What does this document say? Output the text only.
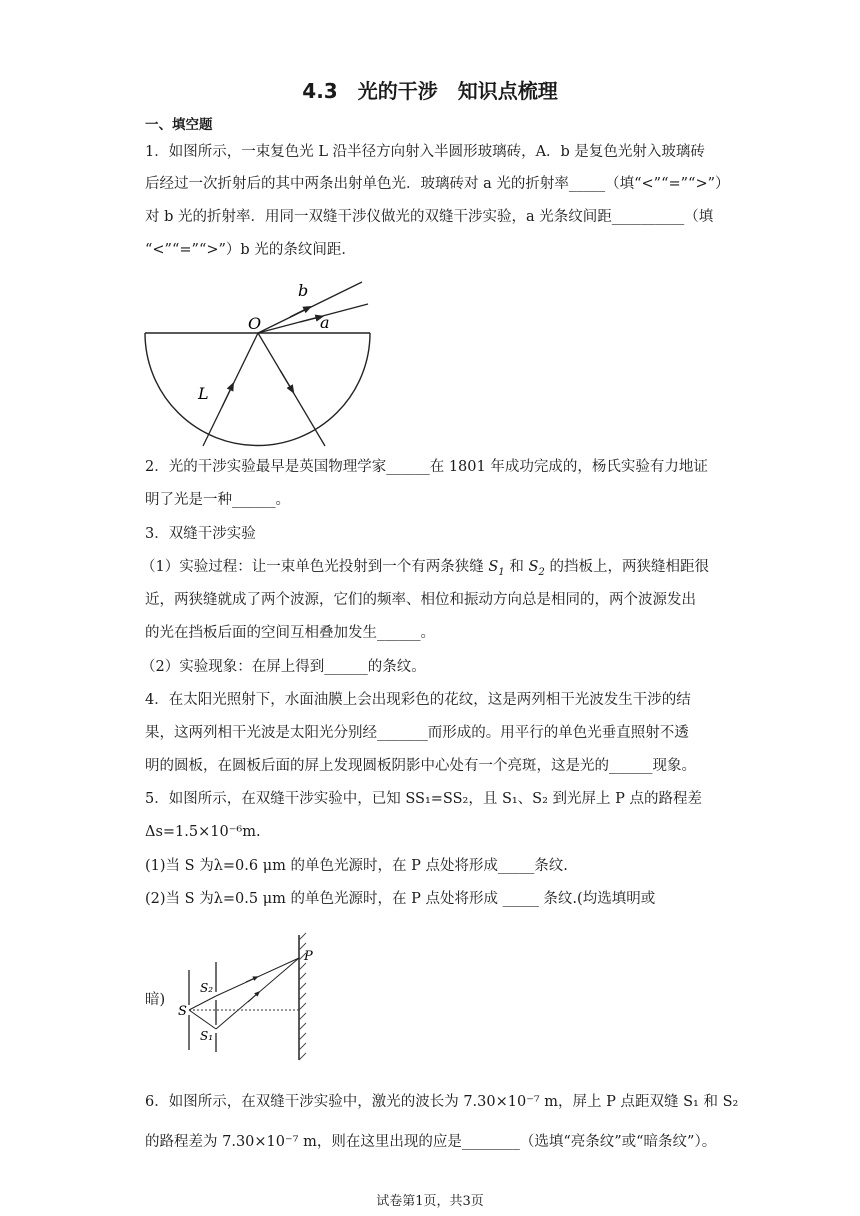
4.3　光的干涉　知识点梳理
一、填空题
1．如图所示，一束复色光 L 沿半径方向射入半圆形玻璃砖，A．b 是复色光射入玻璃砖
后经过一次折射后的其中两条出射单色光．玻璃砖对 a 光的折射率_____（填“<”“=”“>”）
对 b 光的折射率．用同一双缝干涉仪做光的双缝干涉实验，a 光条纹间距__________（填
“<”“=”“>”）b 光的条纹间距．
b
a
O
L
2．光的干涉实验最早是英国物理学家______在 1801 年成功完成的，杨氏实验有力地证
明了光是一种______。
3．双缝干涉实验
（1）实验过程：让一束单色光投射到一个有两条狭缝 $S_1$ 和 $S_2$ 的挡板上，两狭缝相距很
近，两狭缝就成了两个波源，它们的频率、相位和振动方向总是相同的，两个波源发出
的光在挡板后面的空间互相叠加发生______。
（2）实验现象：在屏上得到______的条纹。
4．在太阳光照射下，水面油膜上会出现彩色的花纹，这是两列相干光波发生干涉的结
果，这两列相干光波是太阳光分别经_______而形成的。用平行的单色光垂直照射不透
明的圆板，在圆板后面的屏上发现圆板阴影中心处有一个亮斑，这是光的______现象。
5．如图所示，在双缝干涉实验中，已知 SS₁=SS₂，且 S₁、S₂ 到光屏上 P 点的路程差
Δs=1.5×10⁻⁶m.
(1)当 S 为λ=0.6 μm 的单色光源时，在 P 点处将形成_____条纹.
(2)当 S 为λ=0.5 μm 的单色光源时，在 P 点处将形成 _____ 条纹.(均选填明或
暗)
P
S
S₂
S₁
6．如图所示，在双缝干涉实验中，激光的波长为 7.30×10⁻⁷ m，屏上 P 点距双缝 S₁ 和 S₂
的路程差为 7.30×10⁻⁷ m，则在这里出现的应是________（选填“亮条纹”或“暗条纹”）。
试卷第1页，共3页
